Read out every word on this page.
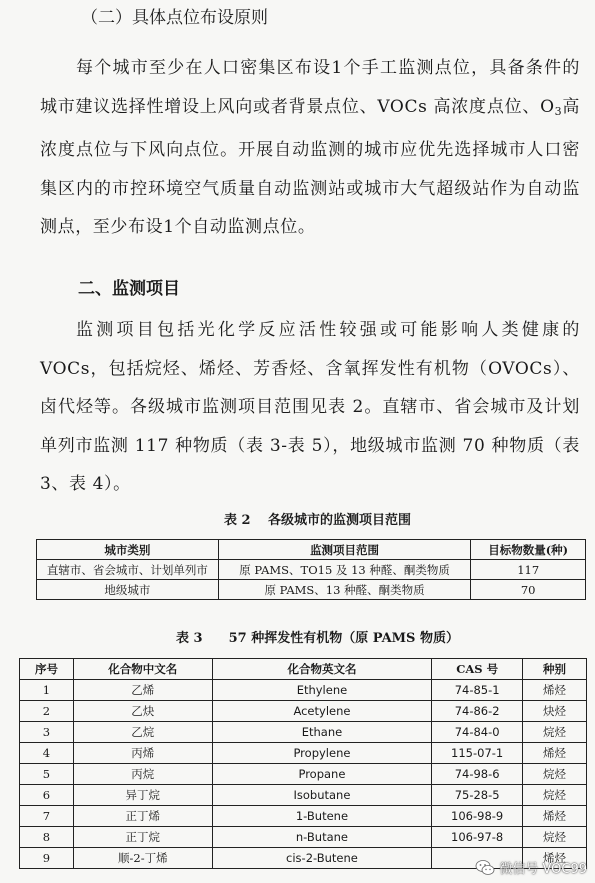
（二）具体点位布设原则
每个城市至少在人口密集区布设1个手工监测点位，具备条件的城市建议选择性增设上风向或者背景点位、VOCs 高浓度点位、$O_3$高浓度点位与下风向点位。开展自动监测的城市应优先选择城市人口密集区内的市控环境空气质量自动监测站或城市大气超级站作为自动监测点，至少布设1个自动监测点位。
二、监测项目
监测项目包括光化学反应活性较强或可能影响人类健康的 VOCs，包括烷烃、烯烃、芳香烃、含氧挥发性有机物（OVOCs）、卤代烃等。各级城市监测项目范围见表 2。直辖市、省会城市及计划单列市监测 117 种物质（表 3-表 5），地级城市监测 70 种物质（表 3、表 4）。
表 2　 各级城市的监测项目范围
城市类别	监测项目范围	目标物数量(种)
直辖市、省会城市、计划单列市	原 PAMS、TO15 及 13 种醛、酮类物质	117
地级城市	原 PAMS、13 种醛、酮类物质	70
表 3　　57 种挥发性有机物（原 PAMS 物质）
序号	化合物中文名	化合物英文名	CAS 号	种别
1	乙烯	Ethylene	74-85-1	烯烃
2	乙炔	Acetylene	74-86-2	炔烃
3	乙烷	Ethane	74-84-0	烷烃
4	丙烯	Propylene	115-07-1	烯烃
5	丙烷	Propane	74-98-6	烷烃
6	异丁烷	Isobutane	75-28-5	烷烃
7	正丁烯	1-Butene	106-98-9	烯烃
8	正丁烷	n-Butane	106-97-8	烷烃
9	顺-2-丁烯	cis-2-Butene		烯烃
微信号 VOC99
